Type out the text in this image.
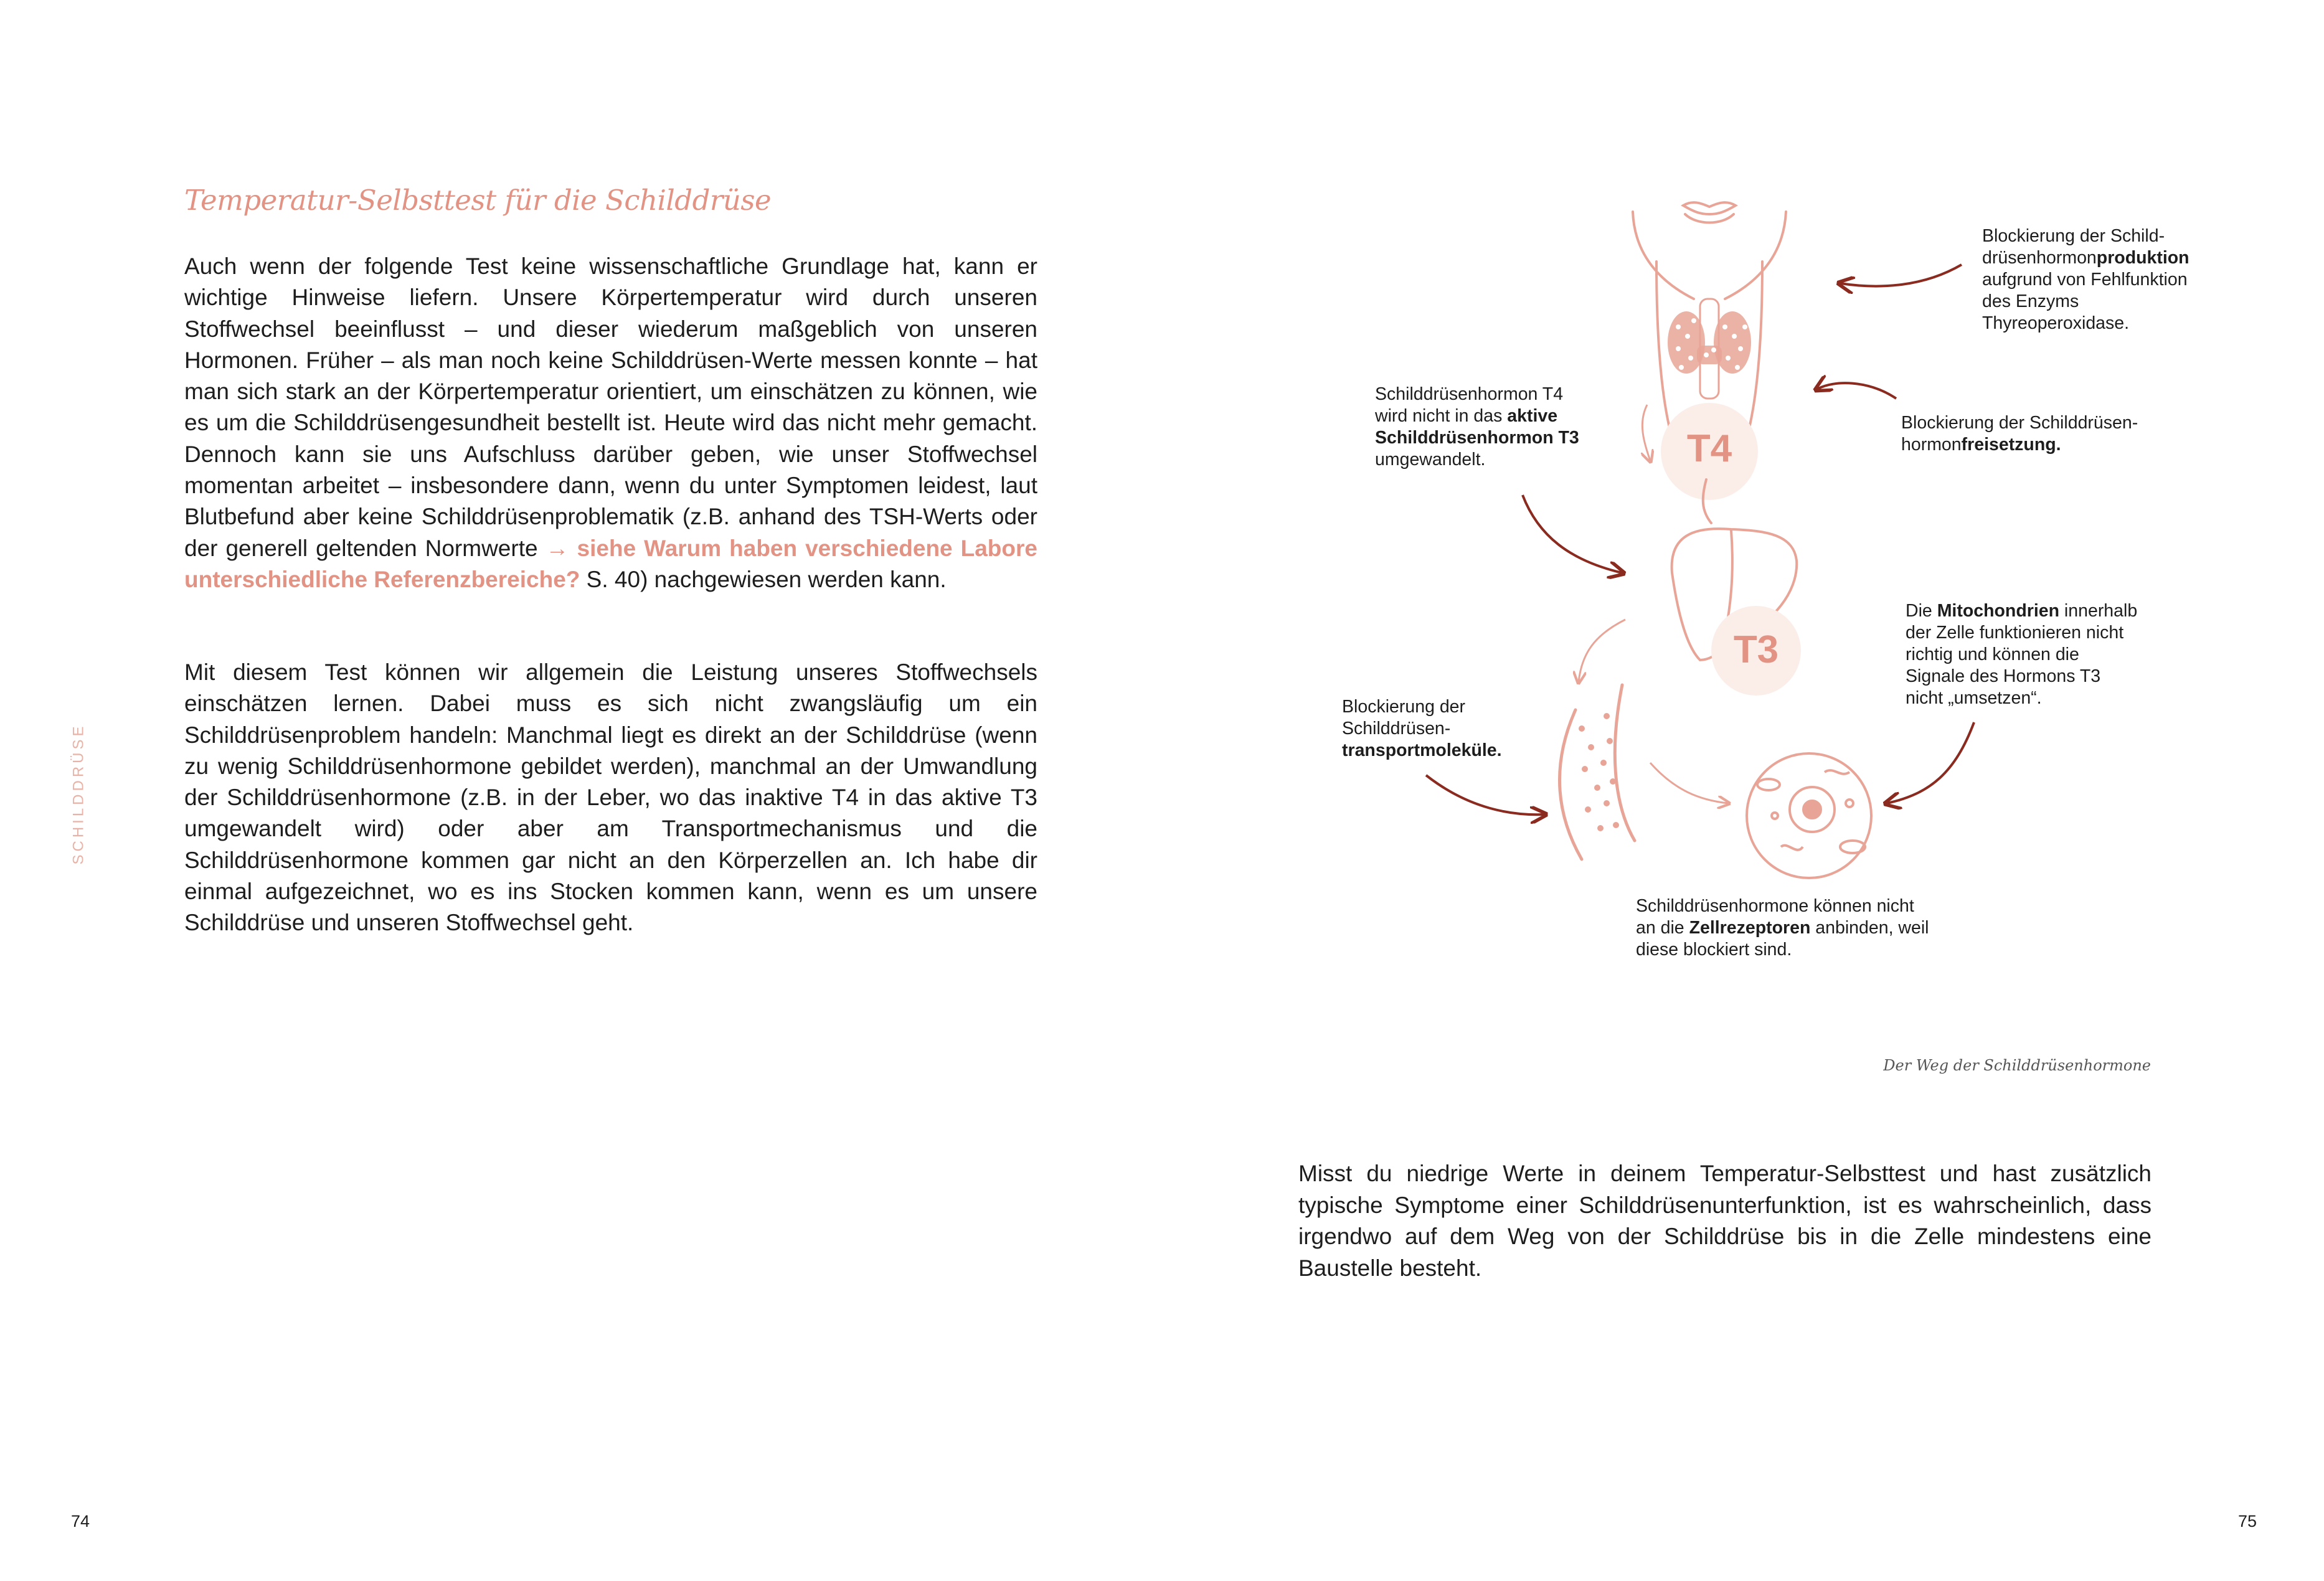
Temperatur-Selbsttest für die Schilddrüse

Auch wenn der folgende Test keine wissenschaftliche Grundlage hat, kann er wichtige Hinweise liefern. Unsere Körpertemperatur wird durch unseren Stoffwechsel beeinflusst – und dieser wiederum maßgeblich von unseren Hormonen. Früher – als man noch keine Schilddrüsen-Werte messen konnte – hat man sich stark an der Körpertemperatur orientiert, um einschätzen zu können, wie es um die Schilddrüsengesundheit bestellt ist. Heute wird das nicht mehr gemacht. Dennoch kann sie uns Aufschluss darüber geben, wie unser Stoffwechsel momentan arbeitet – insbesondere dann, wenn du unter Symptomen leidest, laut Blutbefund aber keine Schilddrüsenproblematik (z.B. anhand des TSH-Werts oder der generell geltenden Normwerte → siehe Warum haben verschiedene Labore unterschiedliche Referenzbereiche? S. 40) nachgewiesen werden kann.

Mit diesem Test können wir allgemein die Leistung unseres Stoffwechsels einschätzen lernen. Dabei muss es sich nicht zwangsläufig um ein Schilddrüsenproblem handeln: Manchmal liegt es direkt an der Schilddrüse (wenn zu wenig Schilddrüsenhormone gebildet werden), manchmal an der Umwandlung der Schilddrüsenhormone (z.B. in der Leber, wo das inaktive T4 in das aktive T3 umgewandelt wird) oder aber am Transportmechanismus und die Schilddrüsenhormone kommen gar nicht an den Körperzellen an. Ich habe dir einmal aufgezeichnet, wo es ins Stocken kommen kann, wenn es um unsere Schilddrüse und unseren Stoffwechsel geht.

SCHILDDRÜSE
74
T4
T3

Blockierung der Schild-
drüsenhormonproduktion
aufgrund von Fehlfunktion
des Enzyms
Thyreoperoxidase.

Blockierung der Schilddrüsen-
hormonfreisetzung.

Schilddrüsenhormon T4
wird nicht in das aktive
Schilddrüsenhormon T3
umgewandelt.

Die Mitochondrien innerhalb
der Zelle funktionieren nicht
richtig und können die
Signale des Hormons T3
nicht „umsetzen“.

Blockierung der
Schilddrüsen-
transportmoleküle.

Schilddrüsenhormone können nicht
an die Zellrezeptoren anbinden, weil
diese blockiert sind.

Der Weg der Schilddrüsenhormone

Misst du niedrige Werte in deinem Temperatur-Selbsttest und hast zusätzlich typische Symptome einer Schilddrüsenunterfunktion, ist es wahrscheinlich, dass irgendwo auf dem Weg von der Schilddrüse bis in die Zelle mindestens eine Baustelle besteht.

75
